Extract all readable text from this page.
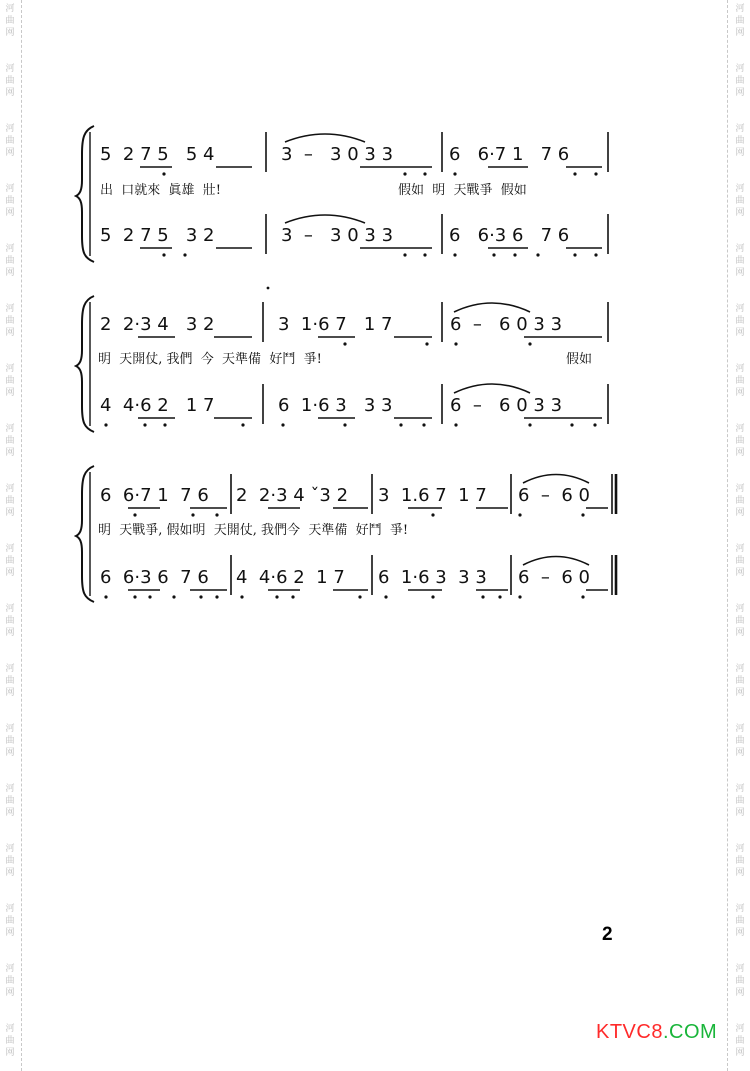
河
曲
网
河
曲
网
河
曲
网
河
曲
网
河
曲
网
河
曲
网
河
曲
网
河
曲
网
河
曲
网
河
曲
网
河
曲
网
河
曲
网
河
曲
网
河
曲
网
河
曲
网
河
曲
网
河
曲
网
河
曲
网
河
曲
网
河
曲
网
河
曲
网
河
曲
网
河
曲
网
河
曲
网
河
曲
网
河
曲
网
河
曲
网
河
曲
网
河
曲
网
河
曲
网
河
曲
网
河
曲
网
河
曲
网
河
曲
网
河
曲
网
河
曲
网
5  2 7 5   5 4	3  –   3 0 3 3	6   6·7 1   7 6
出  口就來  眞雄  壯!	假如  明  天戰爭  假如
5  2 7 5   3 2	3  –   3 0 3 3	6   6·3 6   7 6
2  2·3 4   3 2	3  1·6 7   1 7	6  –   6 0 3 3
明  天開仗, 我們  今  天準備  好鬥  爭!	假如
4  4·6 2   1 7	6  1·6 3   3 3	6  –   6 0 3 3
6  6·7 1  7 6 2  2·3 4 ˇ3 2 3  1.6 7  1 7 6  –  6 0
明  天戰爭, 假如明  天開仗, 我們今  天準備  好鬥  爭!
6  6·3 6  7 6 4  4·6 2  1 7 6  1·6 3  3 3 6  –  6 0
2
KTVC8.COM
